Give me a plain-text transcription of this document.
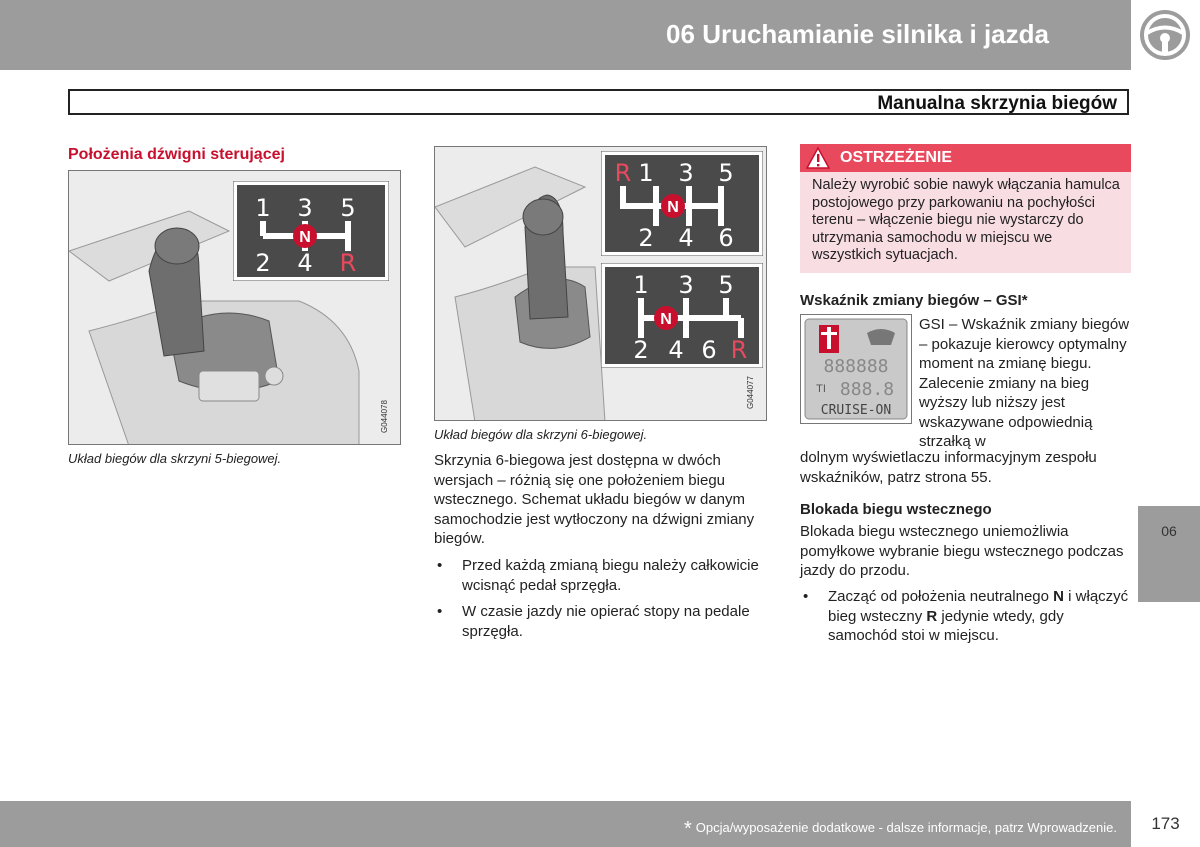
06 Uruchamianie silnika i jazda
Manualna skrzynia biegów
Położenia dźwigni sterującej
G044078
N
1 3 5
2 4 R
Układ biegów dla skrzyni 5-biegowej.
G044077
N
R 1 3 5
2 4 6
N
1 3 5
2 4 6 R
Układ biegów dla skrzyni 6-biegowej.
Skrzynia 6-biegowa jest dostępna w dwóch wersjach – różnią się one położeniem biegu wstecznego. Schemat układu biegów w danym samochodzie jest wytłoczony na dźwigni zmiany biegów.
• Przed każdą zmianą biegu należy całkowicie wcisnąć pedał sprzęgła.
• W czasie jazdy nie opierać stopy na pedale sprzęgła.
OSTRZEŻENIE
Należy wyrobić sobie nawyk włączania hamulca postojowego przy parkowaniu na pochyłości terenu – włączenie biegu nie wystarczy do utrzymania samochodu w miejscu we wszystkich sytuacjach.
Wskaźnik zmiany biegów – GSI*
888888
TI 888.8
CRUISE-ON
GSI – Wskaźnik zmiany biegów – pokazuje kierowcy optymalny moment na zmianę biegu. Zalecenie zmiany na bieg wyższy lub niższy jest wskazywane odpowiednią strzałką w
dolnym wyświetlaczu informacyjnym zespołu wskaźników, patrz strona 55.
Blokada biegu wstecznego
Blokada biegu wstecznego uniemożliwia pomyłkowe wybranie biegu wstecznego podczas jazdy do przodu.
• Zacząć od położenia neutralnego N i włączyć bieg wsteczny R jedynie wtedy, gdy samochód stoi w miejscu.
06
* Opcja/wyposażenie dodatkowe - dalsze informacje, patrz Wprowadzenie.	173
